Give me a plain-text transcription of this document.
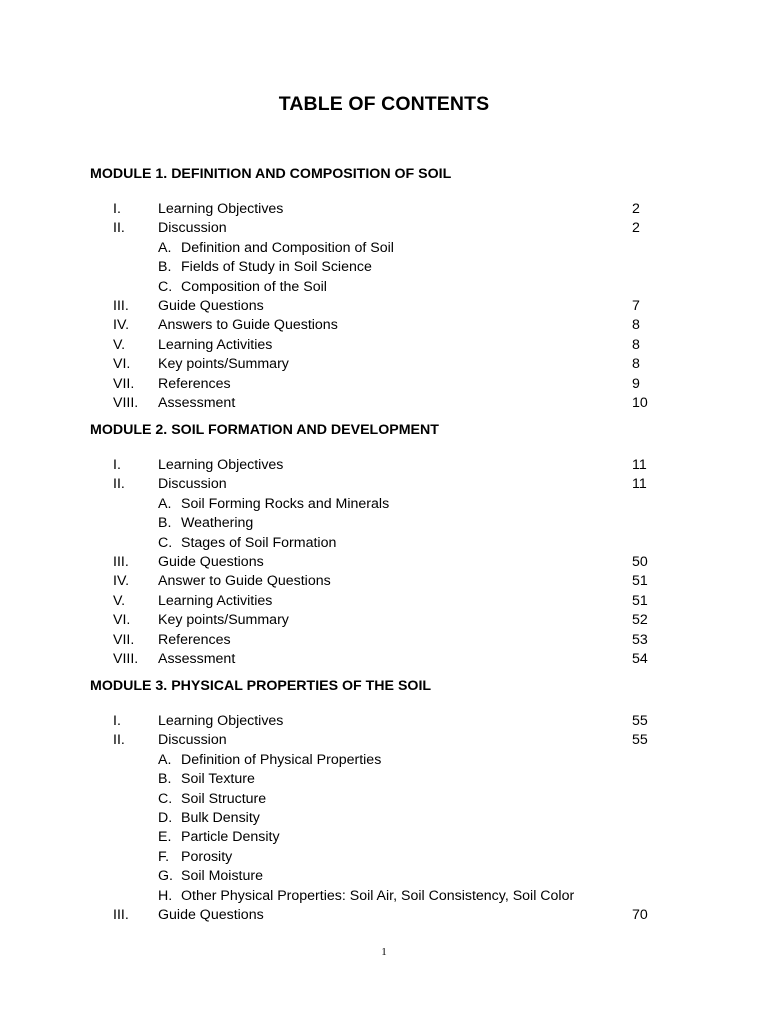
TABLE OF CONTENTS
MODULE 1. DEFINITION AND COMPOSITION OF SOIL
I.	Learning Objectives	2
II. Discussion	2
A. Definition and Composition of Soil
B. Fields of Study in Soil Science
C. Composition of the Soil
III. Guide Questions	7
IV. Answers to Guide Questions	8
V. Learning Activities	8
VI. Key points/Summary	8
VII. References	9
VIII. Assessment	10
MODULE 2. SOIL FORMATION AND DEVELOPMENT
I.	Learning Objectives	11
II. Discussion	11
A. Soil Forming Rocks and Minerals
B. Weathering
C. Stages of Soil Formation
III. Guide Questions	50
IV. Answer to Guide Questions	51
V. Learning Activities	51
VI. Key points/Summary	52
VII. References	53
VIII. Assessment	54
MODULE 3. PHYSICAL PROPERTIES OF THE SOIL
I.	Learning Objectives	55
II. Discussion	55
A. Definition of Physical Properties
B. Soil Texture
C. Soil Structure
D. Bulk Density
E. Particle Density
F. Porosity
G. Soil Moisture
H. Other Physical Properties: Soil Air, Soil Consistency, Soil Color
III. Guide Questions	70
1
